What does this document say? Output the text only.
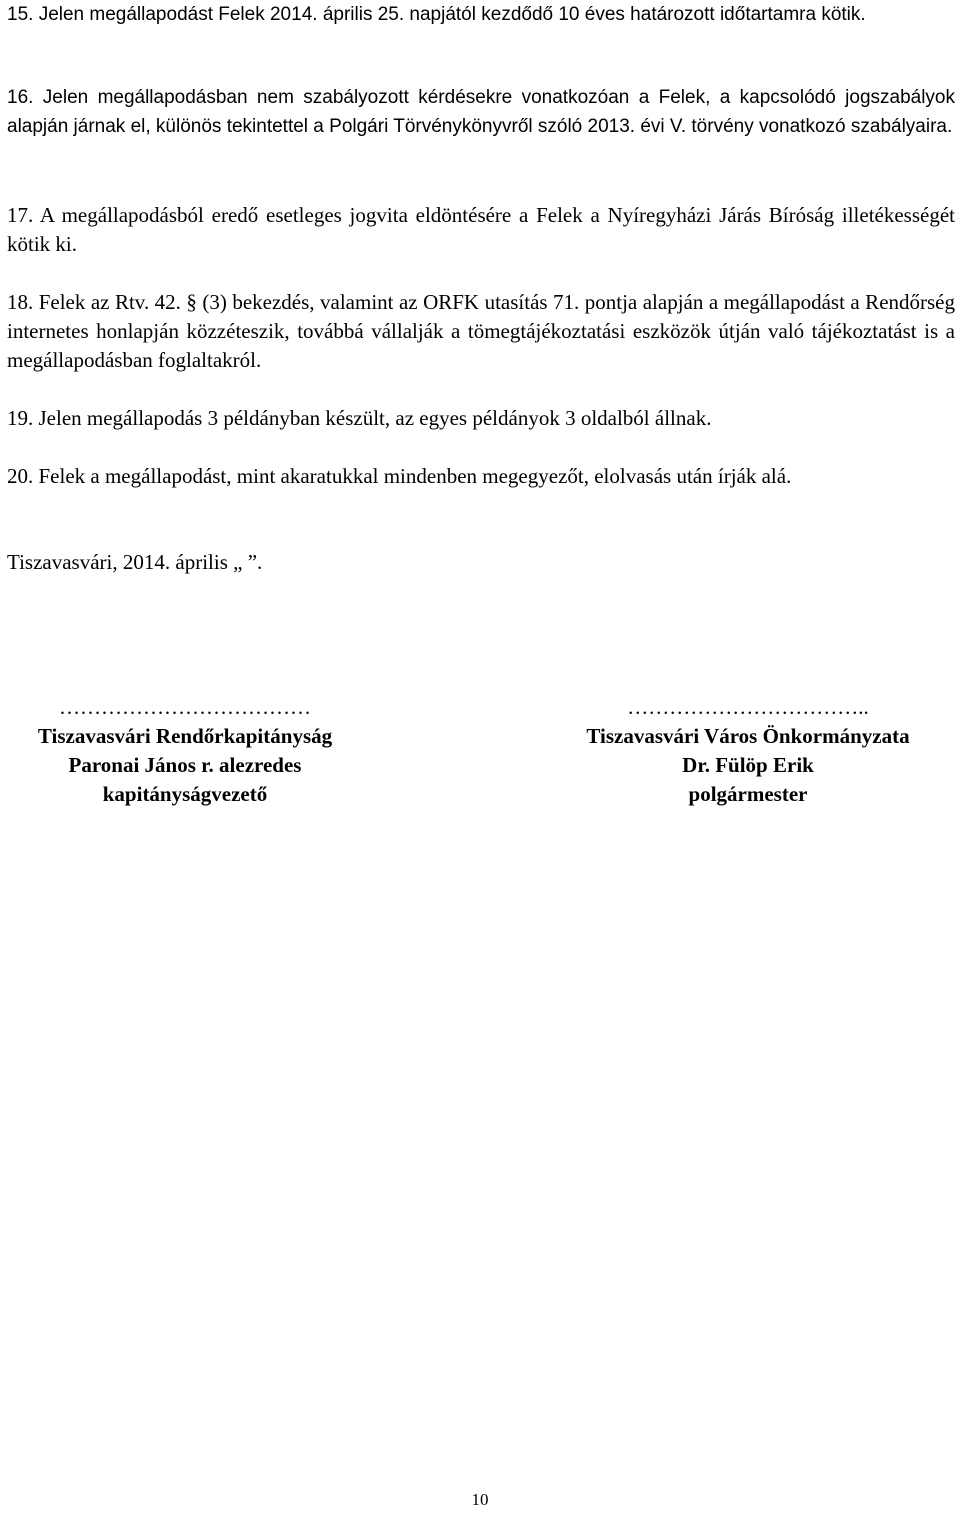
15. Jelen megállapodást Felek 2014. április 25. napjától kezdődő 10 éves határozott időtartamra kötik.

16. Jelen megállapodásban nem szabályozott kérdésekre vonatkozóan a Felek, a kapcsolódó jogszabályok alapján járnak el, különös tekintettel a Polgári Törvénykönyvről szóló 2013. évi V. törvény vonatkozó szabályaira.

17. A megállapodásból eredő esetleges jogvita eldöntésére a Felek a Nyíregyházi Járás Bíróság illetékességét kötik ki.

18. Felek az Rtv. 42. § (3) bekezdés, valamint az ORFK utasítás 71. pontja alapján a megállapodást a Rendőrség internetes honlapján közzéteszik, továbbá vállalják a tömegtájékoztatási eszközök útján való tájékoztatást is a megállapodásban foglaltakról.

19. Jelen megállapodás 3 példányban készült, az egyes példányok 3 oldalból állnak.

20. Felek a megállapodást, mint akaratukkal mindenben megegyezőt, elolvasás után írják alá.

Tiszavasvári, 2014. április „ ”.

………………………………
Tiszavasvári Rendőrkapitányság
Paronai János r. alezredes
kapitányságvezető
……………………………..
Tiszavasvári Város Önkormányzata
Dr. Fülöp Erik
polgármester

10
